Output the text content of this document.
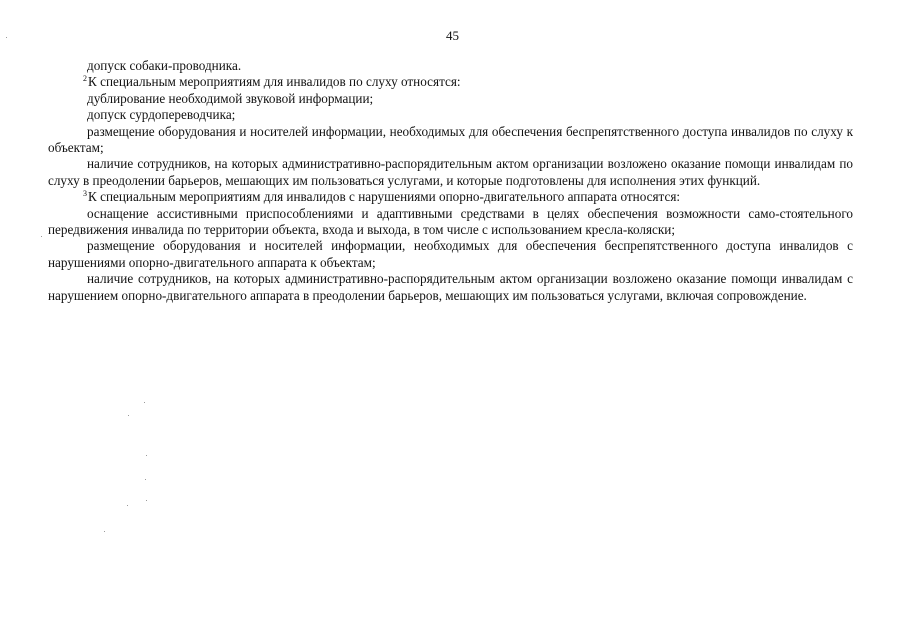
45

допуск собаки-проводника.

$^2$К специальным мероприятиям для инвалидов по слуху относятся:

дублирование необходимой звуковой информации;

допуск сурдопереводчика;

размещение оборудования и носителей информации, необходимых для обеспечения беспрепятственного доступа инвалидов по слуху к объектам;

наличие сотрудников, на которых административно-распорядительным актом организации возложено оказание помощи инвалидам по слуху в преодолении барьеров, мешающих им пользоваться услугами, и которые подготовлены для исполнения этих функций.

$^3$К специальным мероприятиям для инвалидов с нарушениями опорно-двигательного аппарата относятся:

оснащение ассистивными приспособлениями и адаптивными средствами в целях обеспечения возможности само-стоятельного передвижения инвалида по территории объекта, входа и выхода, в том числе с использованием кресла-коляски;

размещение оборудования и носителей информации, необходимых для обеспечения беспрепятственного доступа инвалидов с нарушениями опорно-двигательного аппарата к объектам;

наличие сотрудников, на которых административно-распорядительным актом организации возложено оказание помощи инвалидам с нарушением опорно-двигательного аппарата в преодолении барьеров, мешающих им пользоваться услугами, включая сопровождение.
